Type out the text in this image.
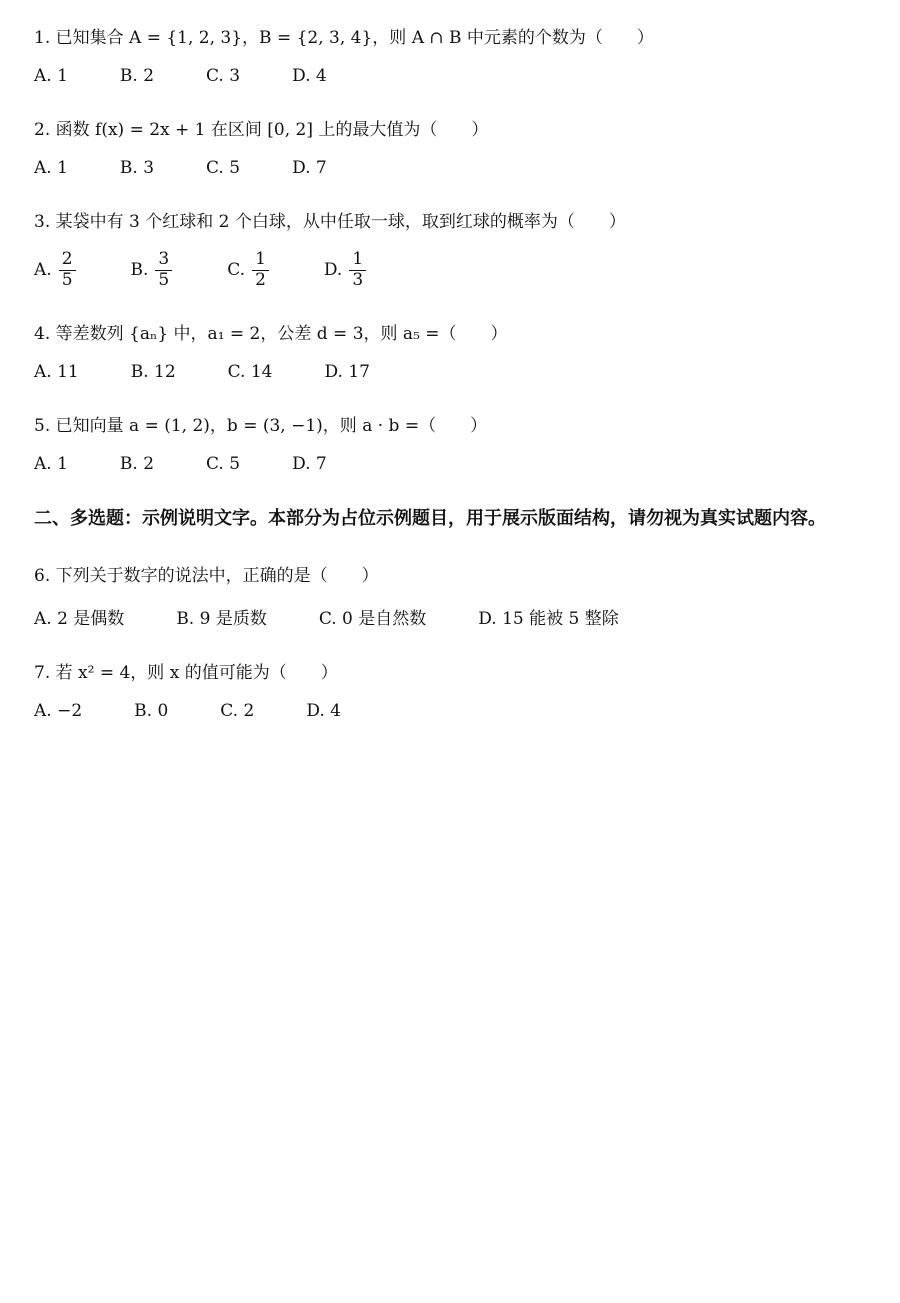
1. 已知集合 A = {1, 2, 3}，B = {2, 3, 4}，则 A ∩ B 中元素的个数为（　　）
A. 1	B. 2	C. 3	D. 4
2. 函数 f(x) = 2x + 1 在区间 [0, 2] 上的最大值为（　　）
A. 1	B. 3	C. 5	D. 7
3. 某袋中有 3 个红球和 2 个白球，从中任取一球，取到红球的概率为（　　）
A. $\frac{2}{5}$	B. $\frac{3}{5}$	C. $\frac{1}{2}$	D. $\frac{1}{3}$
4. 等差数列 {aₙ} 中，a₁ = 2，公差 d = 3，则 a₅ =（　　）
A. 11	B. 12	C. 14	D. 17
5. 已知向量 a = (1, 2)，b = (3, −1)，则 a · b =（　　）
A. 1	B. 2	C. 5	D. 7
二、多选题：示例说明文字。本部分为占位示例题目，用于展示版面结构，请勿视为真实试题内容。
6. 下列关于数字的说法中，正确的是（　　）
A. 2 是偶数	B. 9 是质数	C. 0 是自然数	D. 15 能被 5 整除
7. 若 x² = 4，则 x 的值可能为（　　）
A. −2	B. 0	C. 2	D. 4
